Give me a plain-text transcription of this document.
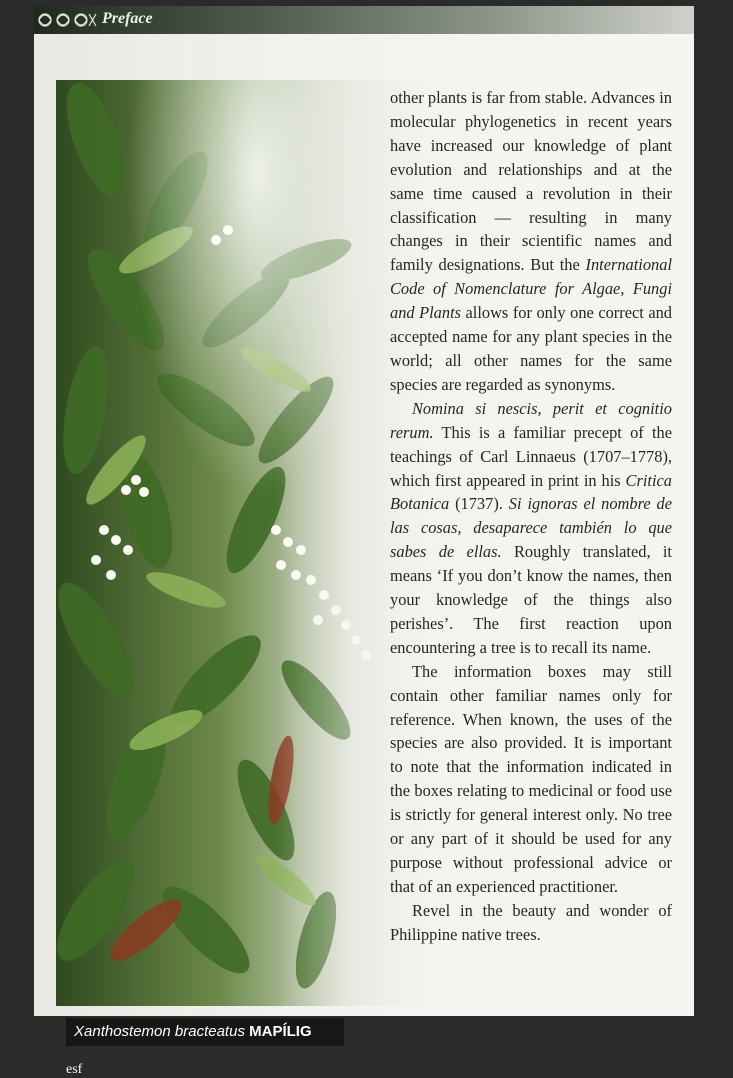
Preface
Xanthostemon bracteatus MAPÍLIG
esf

other plants is far from stable. Advances in molecular phylogenetics in recent years have increased our knowledge of plant evolution and relationships and at the same time caused a revolution in their classification — resulting in many changes in their scientific names and family designations. But the International Code of Nomenclature for Algae, Fungi and Plants allows for only one correct and accepted name for any plant species in the world; all other names for the same species are regarded as synonyms.

Nomina si nescis, perit et cognitio rerum. This is a familiar precept of the teachings of Carl Linnaeus (1707–1778), which first appeared in print in his Critica Botanica (1737). Si ignoras el nombre de las cosas, desaparece también lo que sabes de ellas. Roughly translated, it means ‘If you don’t know the names, then your knowledge of the things also perishes’. The first reaction upon encountering a tree is to recall its name.

The information boxes may still contain other familiar names only for reference. When known, the uses of the species are also provided. It is important to note that the information indicated in the boxes relating to medicinal or food use is strictly for general interest only. No tree or any part of it should be used for any purpose without professional advice or that of an experienced practitioner.

Revel in the beauty and wonder of Philippine native trees.
